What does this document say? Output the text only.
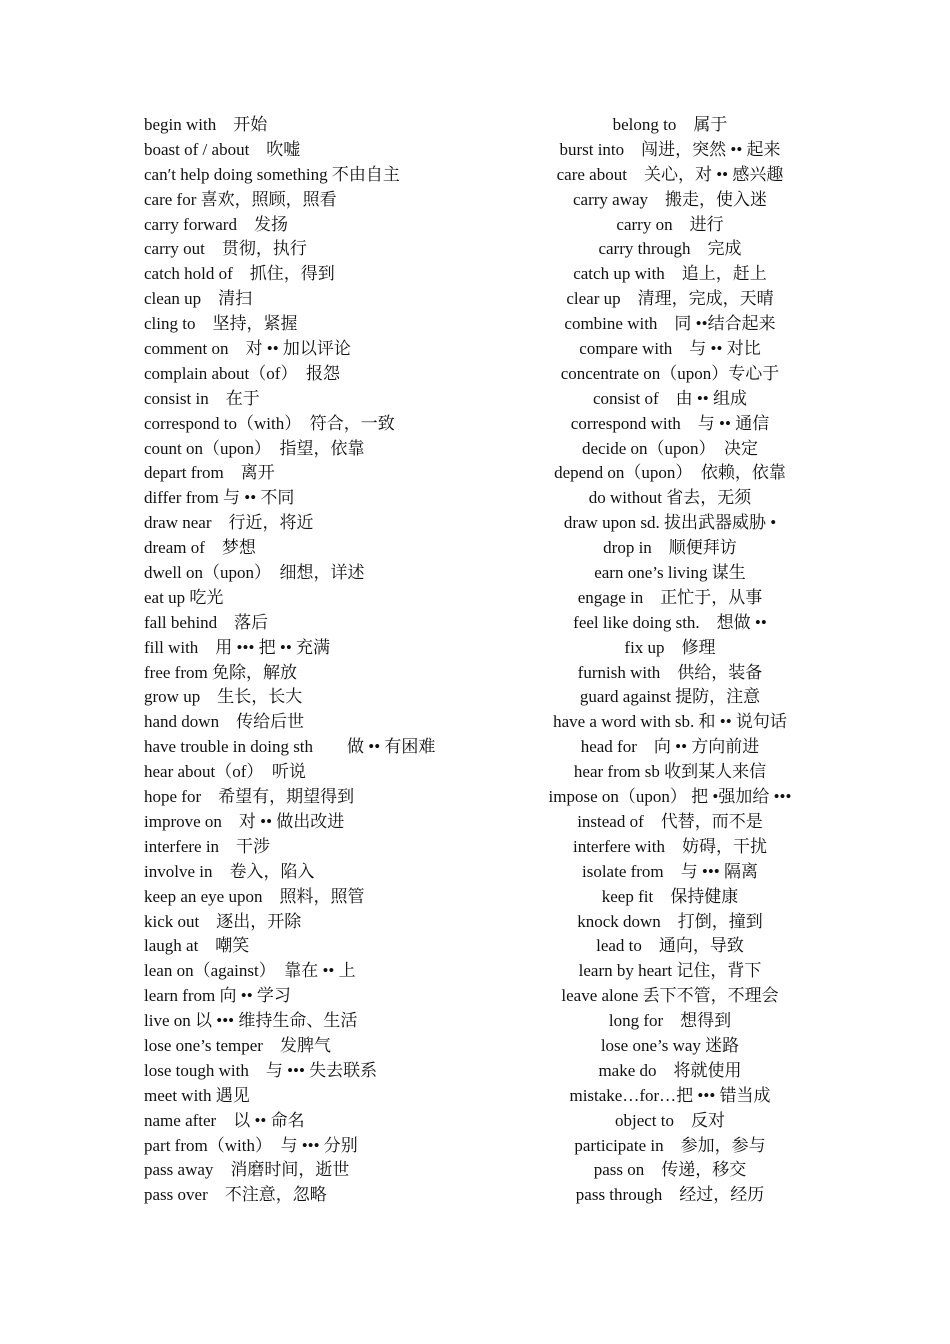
begin with　开始
boast of / about　吹嘘
can′t help doing something 不由自主
care for 喜欢，照顾，照看
carry forward　发扬
carry out　贯彻，执行
catch hold of　抓住，得到
clean up　清扫
cling to　坚持，紧握
comment on　对 •• 加以评论
complain about（of）　报怨
consist in　在于
correspond to（with）　符合，一致
count on（upon）　指望，依靠
depart from　离开
differ from 与 •• 不同
draw near　行近，将近
dream of　梦想
dwell on（upon）　细想，详述
eat up 吃光
fall behind　落后
fill with　用 ••• 把 •• 充满
free from 免除，解放
grow up　生长，长大
hand down　传给后世
have trouble in doing sth　　做 •• 有困难
hear about（of）　听说
hope for　希望有，期望得到
improve on　对 •• 做出改进
interfere in　干涉
involve in　卷入，陷入
keep an eye upon　照料，照管
kick out　逐出，开除
laugh at　嘲笑
lean on（against）　靠在 •• 上
learn from 向 •• 学习
live on 以 ••• 维持生命、生活
lose one’s temper　发脾气
lose tough with　与 ••• 失去联系
meet with 遇见
name after　以 •• 命名
part from（with）　与 ••• 分别
pass away　消磨时间，逝世
pass over　不注意，忽略
belong to　属于
burst into　闯进，突然 •• 起来
care about　关心，对 •• 感兴趣
carry away　搬走，使入迷
carry on　进行
carry through　完成
catch up with　追上，赶上
clear up　清理，完成，天晴
combine with　同 ••结合起来
compare with　与 •• 对比
concentrate on（upon）专心于
consist of　由 •• 组成
correspond with　与 •• 通信
decide on（upon）　决定
depend on（upon）　依赖，依靠
do without 省去，无须
draw upon sd. 拔出武器威胁 •
drop in　顺便拜访
earn one’s living 谋生
engage in　正忙于，从事
feel like doing sth.　想做 ••
fix up　修理
furnish with　供给，装备
guard against 提防，注意
have a word with sb. 和 •• 说句话
head for　向 •• 方向前进
hear from sb 收到某人来信
impose on（upon） 把 •强加给 •••
instead of　代替，而不是
interfere with　妨碍，干扰
isolate from　与 ••• 隔离
keep fit　保持健康
knock down　打倒，撞到
lead to　通向，导致
learn by heart 记住，背下
leave alone 丢下不管，不理会
long for　想得到
lose one’s way 迷路
make do　将就使用
mistake…for…把 ••• 错当成
object to　反对
participate in　参加，参与
pass on　传递，移交
pass through　经过，经历
